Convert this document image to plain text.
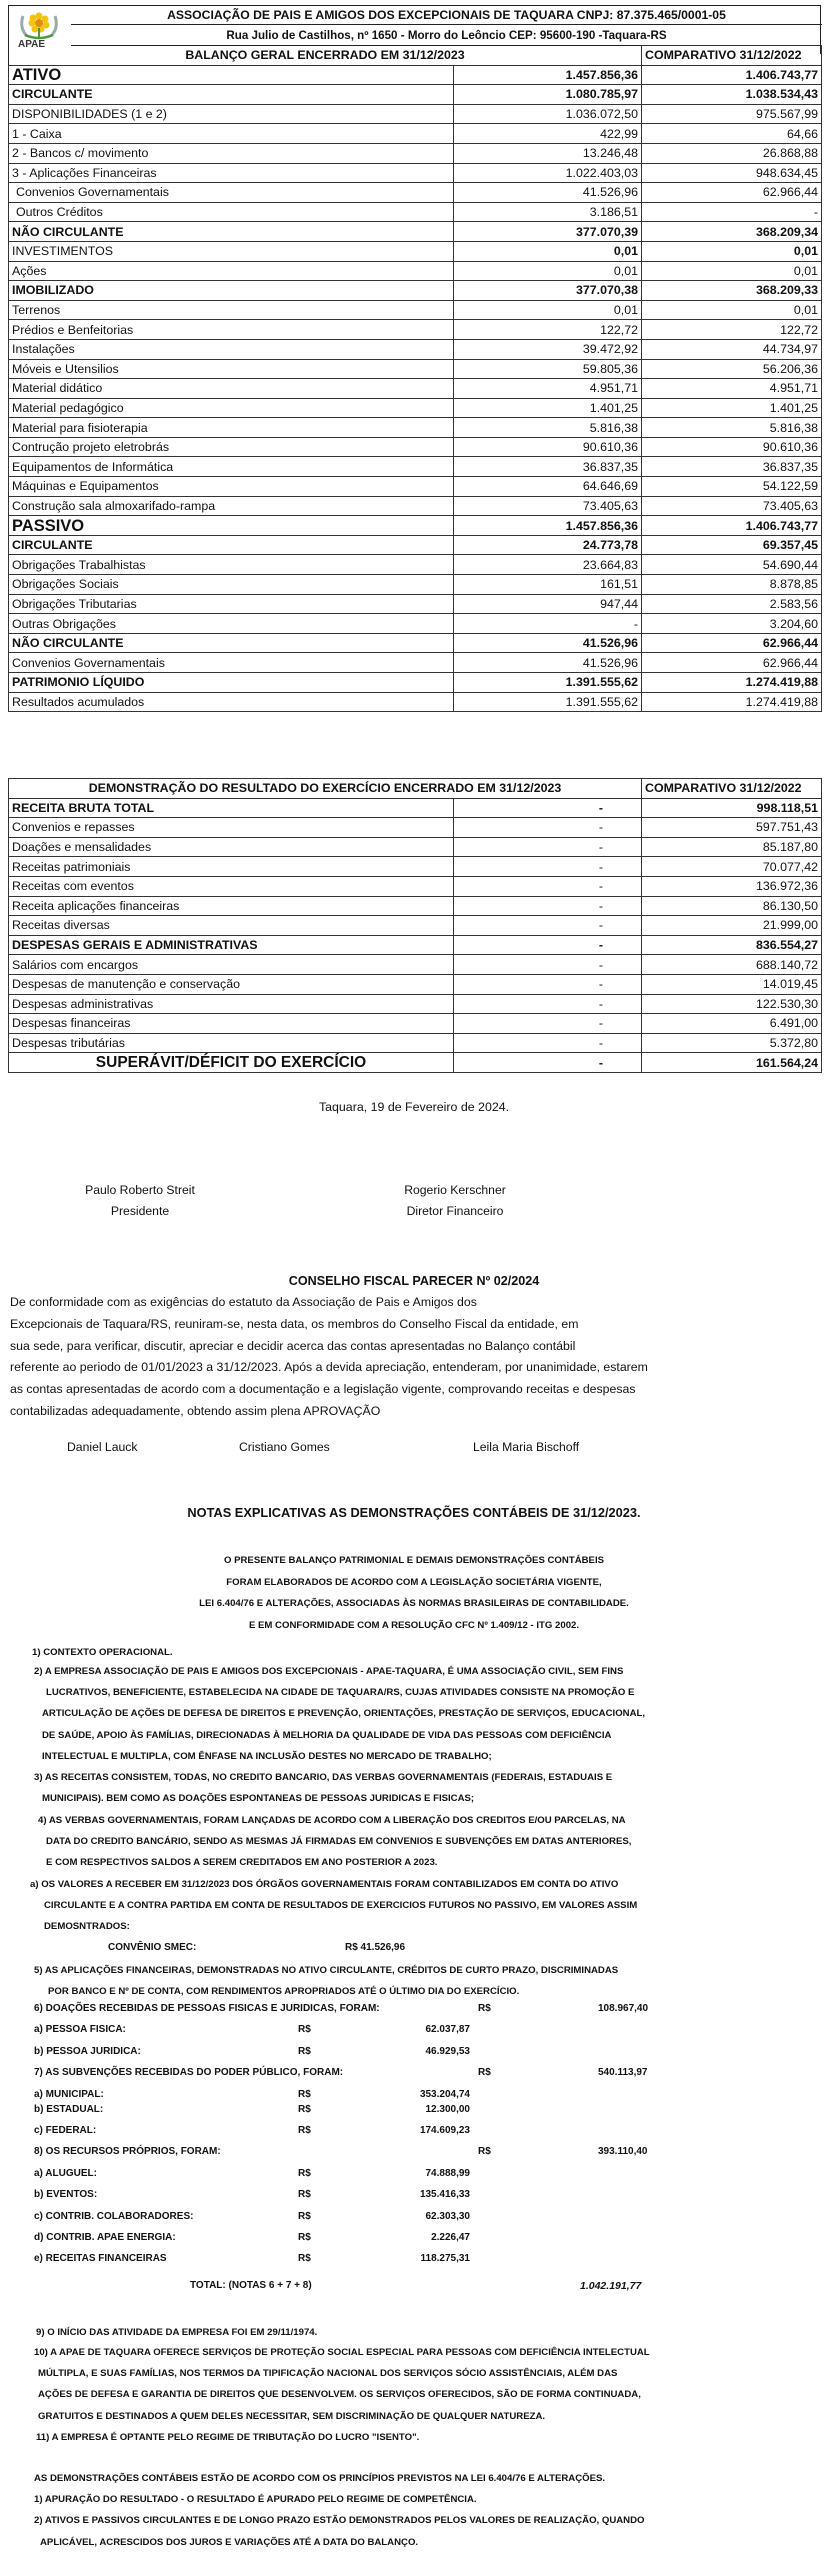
APAE
ASSOCIAÇÃO DE PAIS E AMIGOS DOS EXCEPCIONAIS DE TAQUARA CNPJ: 87.375.465/0001-05
Rua Julio de Castilhos, nº 1650 - Morro do Leôncio CEP: 95600-190 -Taquara-RS
BALANÇO GERAL ENCERRADO EM 31/12/2023		COMPARATIVO 31/12/2022
ATIVO	1.457.856,36	1.406.743,77
CIRCULANTE	1.080.785,97	1.038.534,43
DISPONIBILIDADES (1 e 2)	1.036.072,50	975.567,99
1 - Caixa	422,99	64,66
2 - Bancos c/ movimento	13.246,48	26.868,88
3 - Aplicações Financeiras	1.022.403,03	948.634,45
Convenios Governamentais	41.526,96	62.966,44
Outros Créditos	3.186,51	-
NÃO CIRCULANTE	377.070,39	368.209,34
INVESTIMENTOS	0,01	0,01
Ações	0,01	0,01
IMOBILIZADO	377.070,38	368.209,33
Terrenos	0,01	0,01
Prédios e Benfeitorias	122,72	122,72
Instalações	39.472,92	44.734,97
Móveis e Utensilios	59.805,36	56.206,36
Material didático	4.951,71	4.951,71
Material pedagógico	1.401,25	1.401,25
Material para fisioterapia	5.816,38	5.816,38
Contrução projeto eletrobrás	90.610,36	90.610,36
Equipamentos de Informática	36.837,35	36.837,35
Máquinas e Equipamentos	64.646,69	54.122,59
Construção sala almoxarifado-rampa	73.405,63	73.405,63
PASSIVO	1.457.856,36	1.406.743,77
CIRCULANTE	24.773,78	69.357,45
Obrigações Trabalhistas	23.664,83	54.690,44
Obrigações Sociais	161,51	8.878,85
Obrigações Tributarias	947,44	2.583,56
Outras Obrigações	-	3.204,60
NÃO CIRCULANTE	41.526,96	62.966,44
Convenios Governamentais	41.526,96	62.966,44
PATRIMONIO LÍQUIDO	1.391.555,62	1.274.419,88
Resultados acumulados	1.391.555,62	1.274.419,88
DEMONSTRAÇÃO DO RESULTADO DO EXERCÍCIO ENCERRADO EM 31/12/2023		COMPARATIVO 31/12/2022
RECEITA BRUTA TOTAL	-	998.118,51
Convenios e repasses	-	597.751,43
Doações e mensalidades	-	85.187,80
Receitas patrimoniais	-	70.077,42
Receitas com eventos	-	136.972,36
Receita aplicações financeiras	-	86.130,50
Receitas diversas	-	21.999,00
DESPESAS GERAIS E ADMINISTRATIVAS	-	836.554,27
Salários com encargos	-	688.140,72
Despesas de manutenção e conservação	-	14.019,45
Despesas administrativas	-	122.530,30
Despesas financeiras	-	6.491,00
Despesas tributárias	-	5.372,80
SUPERÁVIT/DÉFICIT DO EXERCÍCIO	-	161.564,24
Taquara, 19 de Fevereiro de 2024.
Paulo Roberto Streit
Presidente
Rogerio Kerschner
Diretor Financeiro
CONSELHO FISCAL PARECER Nº 02/2024
De conformidade com as exigências do estatuto da Associação de Pais e Amigos dos
Excepcionais de Taquara/RS, reuniram-se, nesta data, os membros do Conselho Fiscal da entidade, em
sua sede, para verificar, discutir, apreciar e decidir acerca das contas apresentadas no Balanço contábil
referente ao periodo de 01/01/2023 a 31/12/2023. Após a devida apreciação, entenderam, por unanimidade, estarem
as contas apresentadas de acordo com a documentação e a legislação vigente, comprovando receitas e despesas
contabilizadas adequadamente, obtendo assim plena APROVAÇÃO
Daniel Lauck	Cristiano Gomes	Leila Maria Bischoff
NOTAS EXPLICATIVAS AS DEMONSTRAÇÕES CONTÁBEIS DE 31/12/2023.
O PRESENTE BALANÇO PATRIMONIAL E DEMAIS DEMONSTRAÇÕES CONTÁBEIS
FORAM ELABORADOS DE ACORDO COM A LEGISLAÇÃO SOCIETÁRIA VIGENTE,
LEI 6.404/76 E ALTERAÇÕES, ASSOCIADAS ÀS NORMAS BRASILEIRAS DE CONTABILIDADE.
E EM CONFORMIDADE COM A RESOLUÇÃO CFC Nº 1.409/12 - ITG 2002.
1) CONTEXTO OPERACIONAL.
2) A EMPRESA ASSOCIAÇÃO DE PAIS E AMIGOS DOS EXCEPCIONAIS - APAE-TAQUARA, É UMA ASSOCIAÇÃO CIVIL, SEM FINS
LUCRATIVOS, BENEFICIENTE, ESTABELECIDA NA CIDADE DE TAQUARA/RS, CUJAS ATIVIDADES CONSISTE NA PROMOÇÃO E
ARTICULAÇÃO DE AÇÕES DE DEFESA DE DIREITOS E PREVENÇÃO, ORIENTAÇÕES, PRESTAÇÃO DE SERVIÇOS, EDUCACIONAL,
DE SAÚDE, APOIO ÀS FAMÍLIAS, DIRECIONADAS À MELHORIA DA QUALIDADE DE VIDA DAS PESSOAS COM DEFICIÊNCIA
INTELECTUAL E MULTIPLA, COM ÊNFASE NA INCLUSÃO DESTES NO MERCADO DE TRABALHO;
3) AS RECEITAS CONSISTEM, TODAS, NO CREDITO BANCARIO, DAS VERBAS GOVERNAMENTAIS (FEDERAIS, ESTADUAIS E
MUNICIPAIS). BEM COMO AS DOAÇÕES ESPONTANEAS DE PESSOAS JURIDICAS E FISICAS;
4) AS VERBAS GOVERNAMENTAIS, FORAM LANÇADAS DE ACORDO COM A LIBERAÇÃO DOS CREDITOS E/OU PARCELAS, NA
DATA DO CREDITO BANCÁRIO, SENDO AS MESMAS JÁ FIRMADAS EM CONVENIOS E SUBVENÇÕES EM DATAS ANTERIORES,
E COM RESPECTIVOS SALDOS A SEREM CREDITADOS EM ANO POSTERIOR A 2023.
a) OS VALORES A RECEBER EM 31/12/2023 DOS ÓRGÃOS GOVERNAMENTAIS FORAM CONTABILIZADOS EM CONTA DO ATIVO
CIRCULANTE E A CONTRA PARTIDA EM CONTA DE RESULTADOS DE EXERCICIOS FUTUROS NO PASSIVO, EM VALORES ASSIM
DEMOSNTRADOS:
CONVÊNIO SMEC:	R$ 41.526,96
5) AS APLICAÇÕES FINANCEIRAS, DEMONSTRADAS NO ATIVO CIRCULANTE, CRÉDITOS DE CURTO PRAZO, DISCRIMINADAS
POR BANCO E Nº DE CONTA, COM RENDIMENTOS APROPRIADOS ATÉ O ÚLTIMO DIA DO EXERCÍCIO.
6) DOAÇÕES RECEBIDAS DE PESSOAS FISICAS E JURIDICAS, FORAM:	R$	108.967,40
a) PESSOA FISICA:	R$	62.037,87
b) PESSOA JURIDICA:	R$	46.929,53
7) AS SUBVENÇÕES RECEBIDAS DO PODER PÚBLICO, FORAM:	R$	540.113,97
a) MUNICIPAL:	R$	353.204,74
b) ESTADUAL:	R$	12.300,00
c) FEDERAL:	R$	174.609,23
8) OS RECURSOS PRÓPRIOS, FORAM:	R$	393.110,40
a) ALUGUEL:	R$	74.888,99
b) EVENTOS:	R$	135.416,33
c) CONTRIB. COLABORADORES:	R$	62.303,30
d) CONTRIB. APAE ENERGIA:	R$	2.226,47
e) RECEITAS FINANCEIRAS	R$	118.275,31
TOTAL: (NOTAS 6 + 7 + 8)	1.042.191,77
9) O INÍCIO DAS ATIVIDADE DA EMPRESA FOI EM 29/11/1974.
10) A APAE DE TAQUARA OFERECE SERVIÇOS DE PROTEÇÃO SOCIAL ESPECIAL PARA PESSOAS COM DEFICIÊNCIA INTELECTUAL
MÚLTIPLA, E SUAS FAMÍLIAS, NOS TERMOS DA TIPIFICAÇÃO NACIONAL DOS SERVIÇOS SÓCIO ASSISTÊNCIAIS, ALÉM DAS
AÇÕES DE DEFESA E GARANTIA DE DIREITOS QUE DESENVOLVEM. OS SERVIÇOS OFERECIDOS, SÃO DE FORMA CONTINUADA,
GRATUITOS E DESTINADOS A QUEM DELES NECESSITAR, SEM DISCRIMINAÇÃO DE QUALQUER NATUREZA.
11) A EMPRESA É OPTANTE PELO REGIME DE TRIBUTAÇÃO DO LUCRO "ISENTO".
AS DEMONSTRAÇÕES CONTÁBEIS ESTÃO DE ACORDO COM OS PRINCÍPIOS PREVISTOS NA LEI 6.404/76 E ALTERAÇÕES.
1) APURAÇÃO DO RESULTADO - O RESULTADO É APURADO PELO REGIME DE COMPETÊNCIA.
2) ATIVOS E PASSIVOS CIRCULANTES E DE LONGO PRAZO ESTÃO DEMONSTRADOS PELOS VALORES DE REALIZAÇÃO, QUANDO
APLICÁVEL, ACRESCIDOS DOS JUROS E VARIAÇÕES ATÉ A DATA DO BALANÇO.
